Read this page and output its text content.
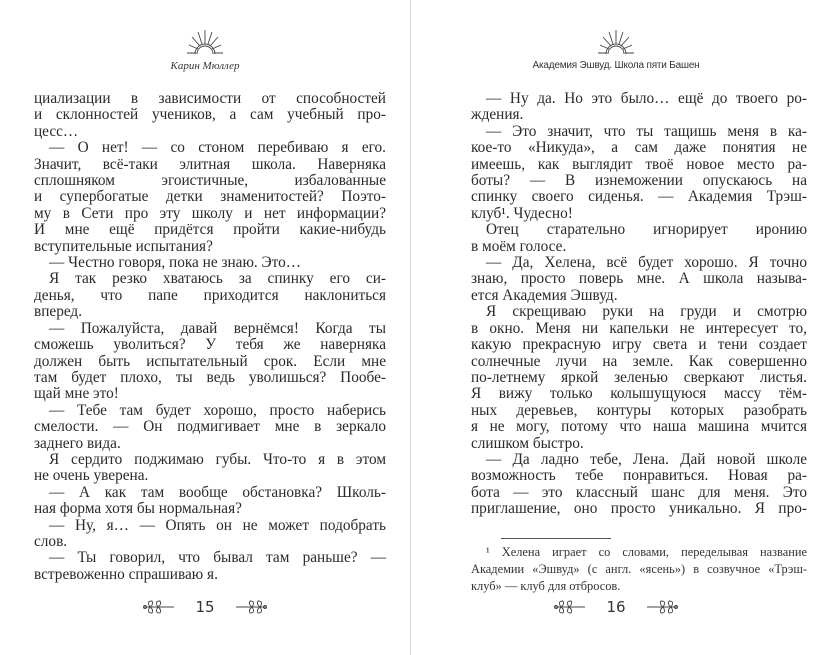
Карин Мюллер
циализации в зависимости от способностей
и склонностей учеников, а сам учебный про-
цесс…
— О нет! — со стоном перебиваю я его.
Значит, всё-таки элитная школа. Наверняка
сплошняком эгоистичные, избалованные
и супербогатые детки знаменитостей? Поэто-
му в Сети про эту школу и нет информации?
И мне ещё придётся пройти какие-нибудь
вступительные испытания?
— Честно говоря, пока не знаю. Это…
Я так резко хватаюсь за спинку его си-
денья, что папе приходится наклониться
вперед.
— Пожалуйста, давай вернёмся! Когда ты
сможешь уволиться? У тебя же наверняка
должен быть испытательный срок. Если мне
там будет плохо, ты ведь уволишься? Пообе-
щай мне это!
— Тебе там будет хорошо, просто наберись
смелости. — Он подмигивает мне в зеркало
заднего вида.
Я сердито поджимаю губы. Что-то я в этом
не очень уверена.
— А как там вообще обстановка? Школь-
ная форма хотя бы нормальная?
— Ну, я… — Опять он не может подобрать
слов.
— Ты говорил, что бывал там раньше? —
встревоженно спрашиваю я.
15
Академия Эшвуд. Школа пяти Башен
— Ну да. Но это было… ещё до твоего ро-
ждения.
— Это значит, что ты тащишь меня в ка-
кое-то «Никуда», а сам даже понятия не
имеешь, как выглядит твоё новое место ра-
боты? — В изнеможении опускаюсь на
спинку своего сиденья. — Академия Трэш-
клуб¹. Чудесно!
Отец старательно игнорирует иронию
в моём голосе.
— Да, Хелена, всё будет хорошо. Я точно
знаю, просто поверь мне. А школа называ-
ется Академия Эшвуд.
Я скрещиваю руки на груди и смотрю
в окно. Меня ни капельки не интересует то,
какую прекрасную игру света и тени создает
солнечные лучи на земле. Как совершенно
по-летнему яркой зеленью сверкают листья.
Я вижу только колышущуюся массу тём-
ных деревьев, контуры которых разобрать
я не могу, потому что наша машина мчится
слишком быстро.
— Да ладно тебе, Лена. Дай новой школе
возможность тебе понравиться. Новая ра-
бота — это классный шанс для меня. Это
приглашение, оно просто уникально. Я про-
¹ Хелена играет со словами, переделывая название
Академии «Эшвуд» (с англ. «ясень») в созвучное «Трэш-
клуб» — клуб для отбросов.
16
